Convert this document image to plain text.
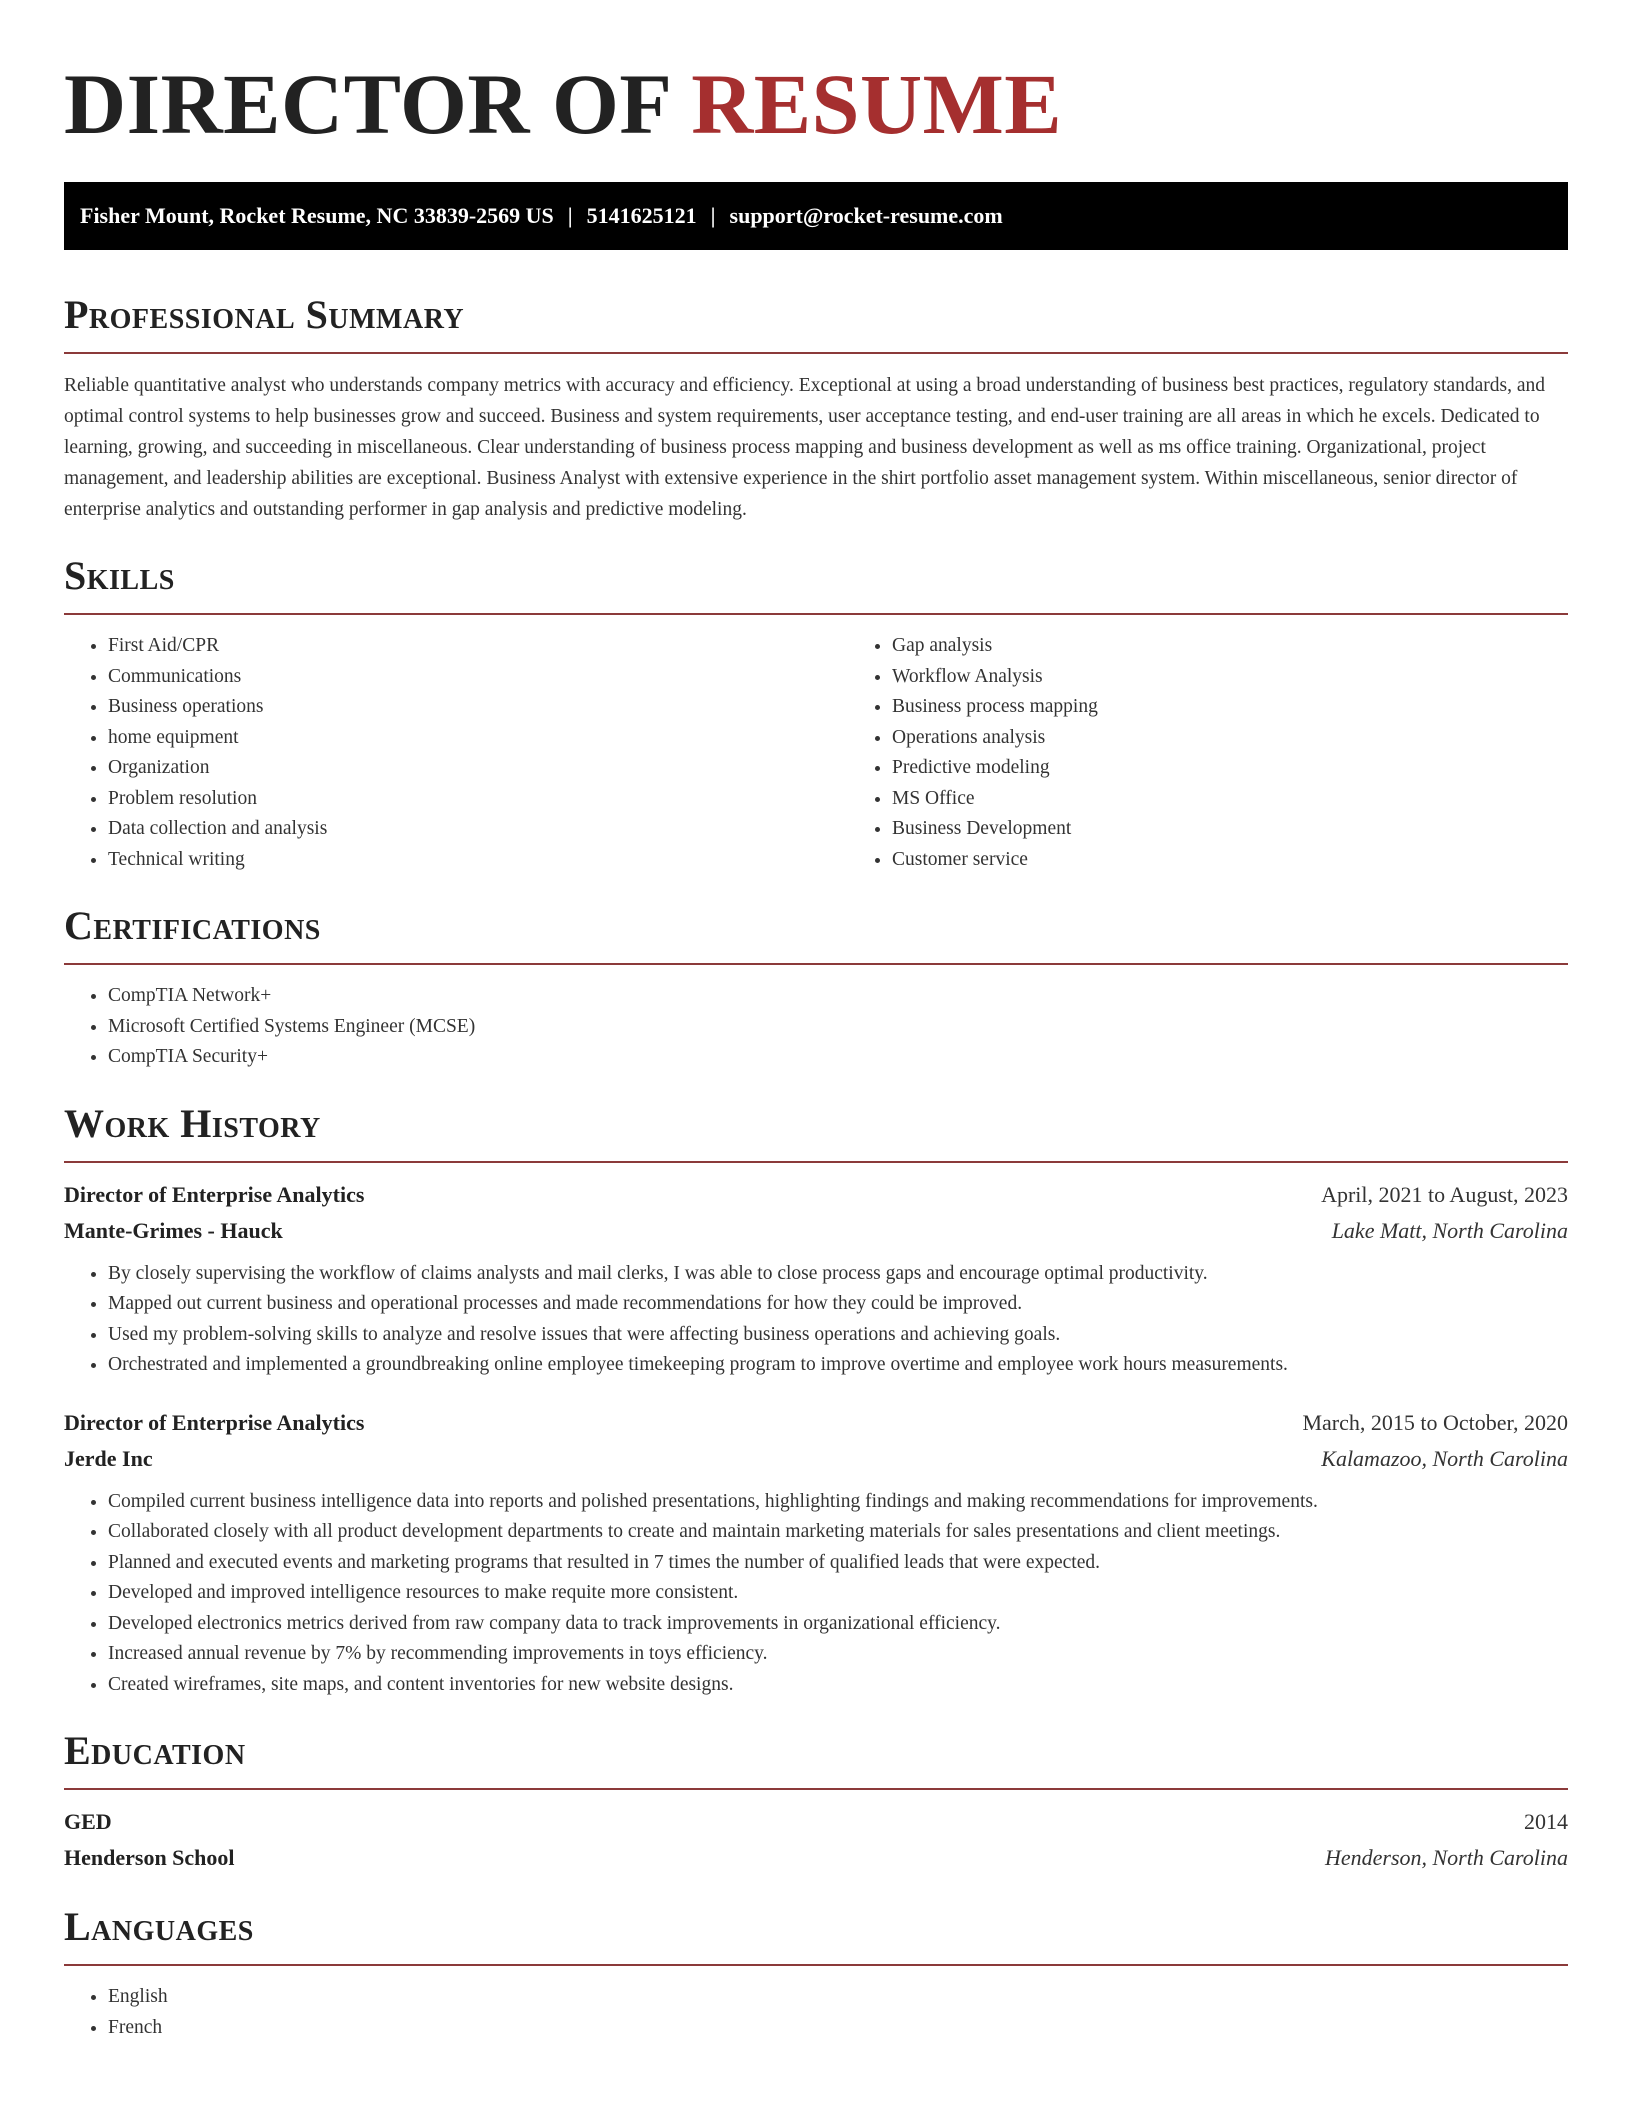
DIRECTOR OF RESUME
Fisher Mount, Rocket Resume, NC 33839-2569 US | 5141625121 | support@rocket-resume.com
Professional Summary

Reliable quantitative analyst who understands company metrics with accuracy and efficiency. Exceptional at using a broad understanding of business best practices, regulatory standards, and optimal control systems to help businesses grow and succeed. Business and system requirements, user acceptance testing, and end-user training are all areas in which he excels. Dedicated to learning, growing, and succeeding in miscellaneous. Clear understanding of business process mapping and business development as well as ms office training. Organizational, project management, and leadership abilities are exceptional. Business Analyst with extensive experience in the shirt portfolio asset management system. Within miscellaneous, senior director of enterprise analytics and outstanding performer in gap analysis and predictive modeling.

Skills
• First Aid/CPR
• Communications
• Business operations
• home equipment
• Organization
• Problem resolution
• Data collection and analysis
• Technical writing
• Gap analysis
• Workflow Analysis
• Business process mapping
• Operations analysis
• Predictive modeling
• MS Office
• Business Development
• Customer service
Certifications
• CompTIA Network+
• Microsoft Certified Systems Engineer (MCSE)
• CompTIA Security+
Work History
Director of Enterprise Analytics	April, 2021 to August, 2023
Mante-Grimes - Hauck	Lake Matt, North Carolina
• By closely supervising the workflow of claims analysts and mail clerks, I was able to close process gaps and encourage optimal productivity.
• Mapped out current business and operational processes and made recommendations for how they could be improved.
• Used my problem-solving skills to analyze and resolve issues that were affecting business operations and achieving goals.
• Orchestrated and implemented a groundbreaking online employee timekeeping program to improve overtime and employee work hours measurements.
Director of Enterprise Analytics	March, 2015 to October, 2020
Jerde Inc	Kalamazoo, North Carolina
• Compiled current business intelligence data into reports and polished presentations, highlighting findings and making recommendations for improvements.
• Collaborated closely with all product development departments to create and maintain marketing materials for sales presentations and client meetings.
• Planned and executed events and marketing programs that resulted in 7 times the number of qualified leads that were expected.
• Developed and improved intelligence resources to make requite more consistent.
• Developed electronics metrics derived from raw company data to track improvements in organizational efficiency.
• Increased annual revenue by 7% by recommending improvements in toys efficiency.
• Created wireframes, site maps, and content inventories for new website designs.
Education
GED	2014
Henderson School	Henderson, North Carolina
Languages
• English
• French
